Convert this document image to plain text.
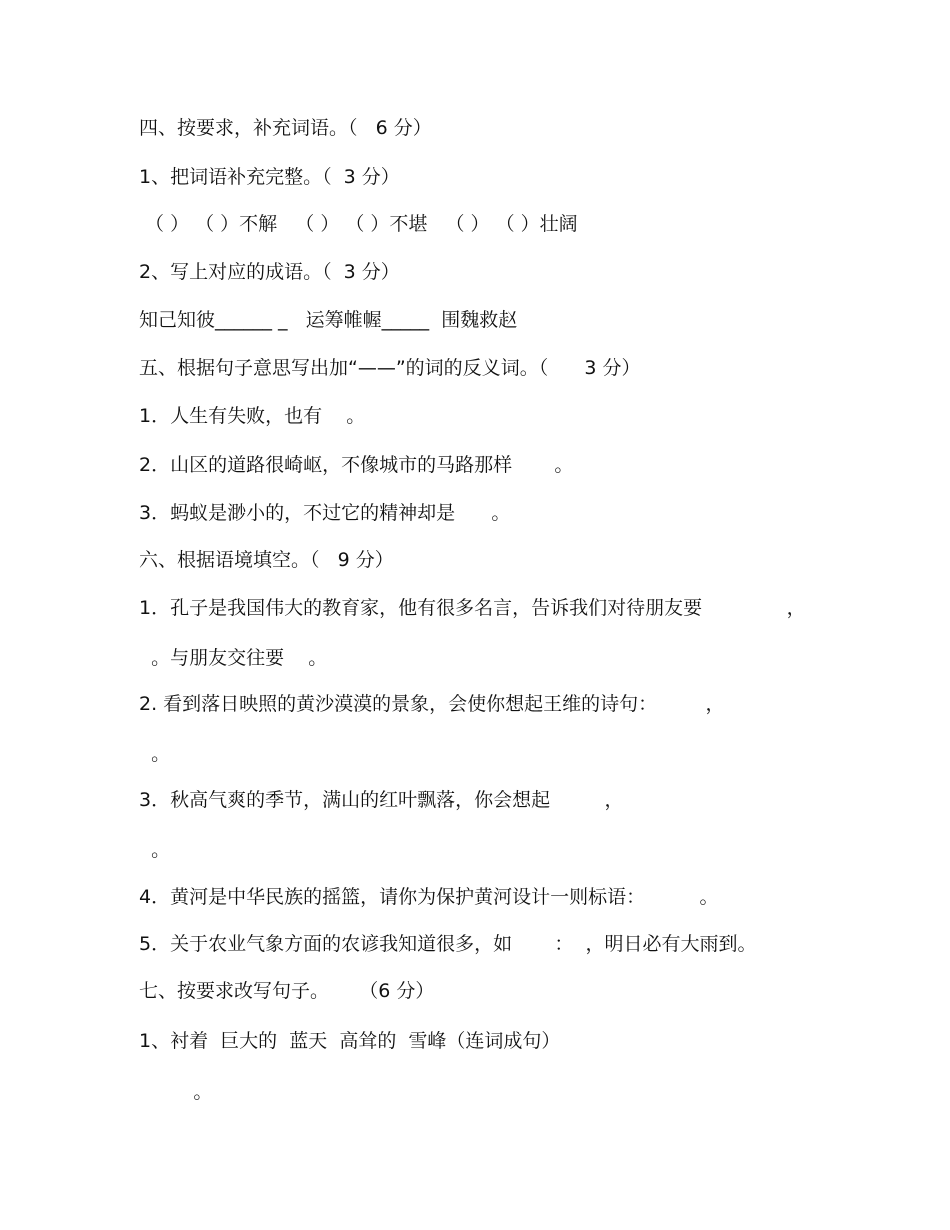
四、按要求，补充词语。（   6 分）
1、把词语补充完整。（  3 分）
（ ） （ ）不解   （ ） （ ）不堪   （ ） （ ）壮阔
2、写上对应的成语。（  3 分）
知己知彼______ _   运筹帷幄_____  围魏救赵
五、根据句子意思写出加“——”的词的反义词。（      3 分）
1．人生有失败，也有    。
2．山区的道路很崎岖，不像城市的马路那样       。
3．蚂蚁是渺小的，不过它的精神却是      。
六、根据语境填空。（   9 分）
1．孔子是我国伟大的教育家，他有很多名言，告诉我们对待朋友要              ，
。与朋友交往要    。
2. 看到落日映照的黄沙漠漠的景象，会使你想起王维的诗句：        ，
。
3．秋高气爽的季节，满山的红叶飘落，你会想起         ，
。
4．黄河是中华民族的摇篮，请你为保护黄河设计一则标语：         。
5．关于农业气象方面的农谚我知道很多，如       ：  ，明日必有大雨到。
七、按要求改写句子。     （6 分）
1、衬着  巨大的  蓝天  高耸的  雪峰（连词成句）
。
